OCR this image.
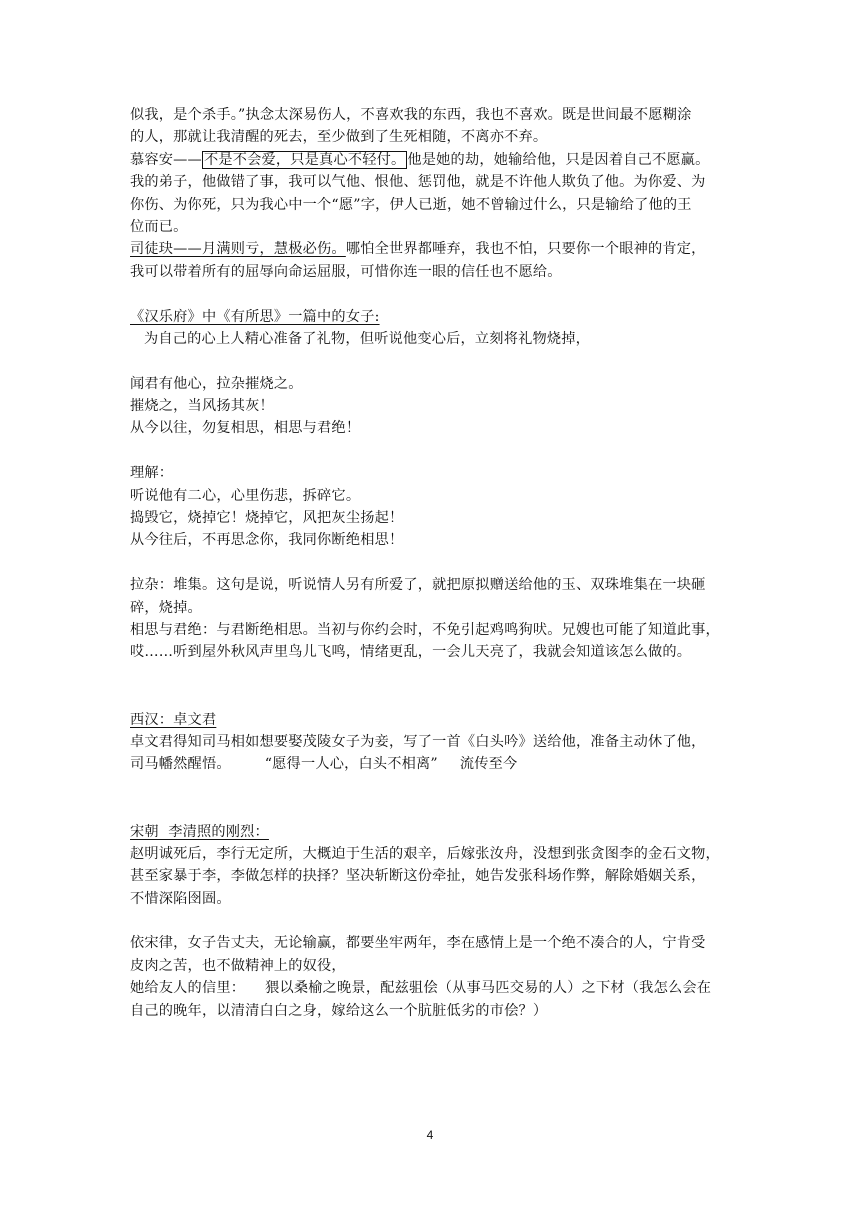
似我，是个杀手。”执念太深易伤人，不喜欢我的东西，我也不喜欢。既是世间最不愿糊涂
的人，那就让我清醒的死去，至少做到了生死相随，不离亦不弃。
慕容安—— 不是不会爱，只是真心不轻付。 他是她的劫，她输给他，只是因着自己不愿赢。
我的弟子，他做错了事，我可以气他、恨他、惩罚他，就是不许他人欺负了他。为你爱、为
你伤、为你死，只为我心中一个“愿”字，伊人已逝，她不曾输过什么，只是输给了他的王
位而已。
司徒玦——月满则亏，慧极必伤。哪怕全世界都唾弃，我也不怕，只要你一个眼神的肯定，
我可以带着所有的屈辱向命运屈服，可惜你连一眼的信任也不愿给。
《汉乐府》中《有所思》一篇中的女子:
为自己的心上人精心准备了礼物，但听说他变心后，立刻将礼物烧掉，
闻君有他心，拉杂摧烧之。
摧烧之，当风扬其灰！
从今以往，勿复相思，相思与君绝！
理解：
听说他有二心，心里伤悲，拆碎它。
捣毁它，烧掉它！烧掉它，风把灰尘扬起！
从今往后，不再思念你，我同你断绝相思！
拉杂：堆集。这句是说，听说情人另有所爱了，就把原拟赠送给他的玉、双珠堆集在一块砸
碎，烧掉。
相思与君绝：与君断绝相思。当初与你约会时，不免引起鸡鸣狗吠。兄嫂也可能了知道此事，
哎……听到屋外秋风声里鸟儿飞鸣，情绪更乱，一会儿天亮了，我就会知道该怎么做的。
西汉：卓文君
卓文君得知司马相如想要娶茂陵女子为妾，写了一首《白头吟》送给他，准备主动休了他，
司马幡然醒悟。 “愿得一人心，白头不相离” 流传至今
宋朝  李清照的刚烈：
赵明诚死后，李行无定所，大概迫于生活的艰辛，后嫁张汝舟，没想到张贪图李的金石文物，
甚至家暴于李，李做怎样的抉择？坚决斩断这份牵扯，她告发张科场作弊，解除婚姻关系，
不惜深陷囹圄。
依宋律，女子告丈夫，无论输赢，都要坐牢两年，李在感情上是一个绝不凑合的人，宁肯受
皮肉之苦，也不做精神上的奴役，
她给友人的信里： 猥以桑榆之晚景，配兹驵侩（从事马匹交易的人）之下材（我怎么会在
自己的晚年，以清清白白之身，嫁给这么一个肮脏低劣的市侩？）
4
